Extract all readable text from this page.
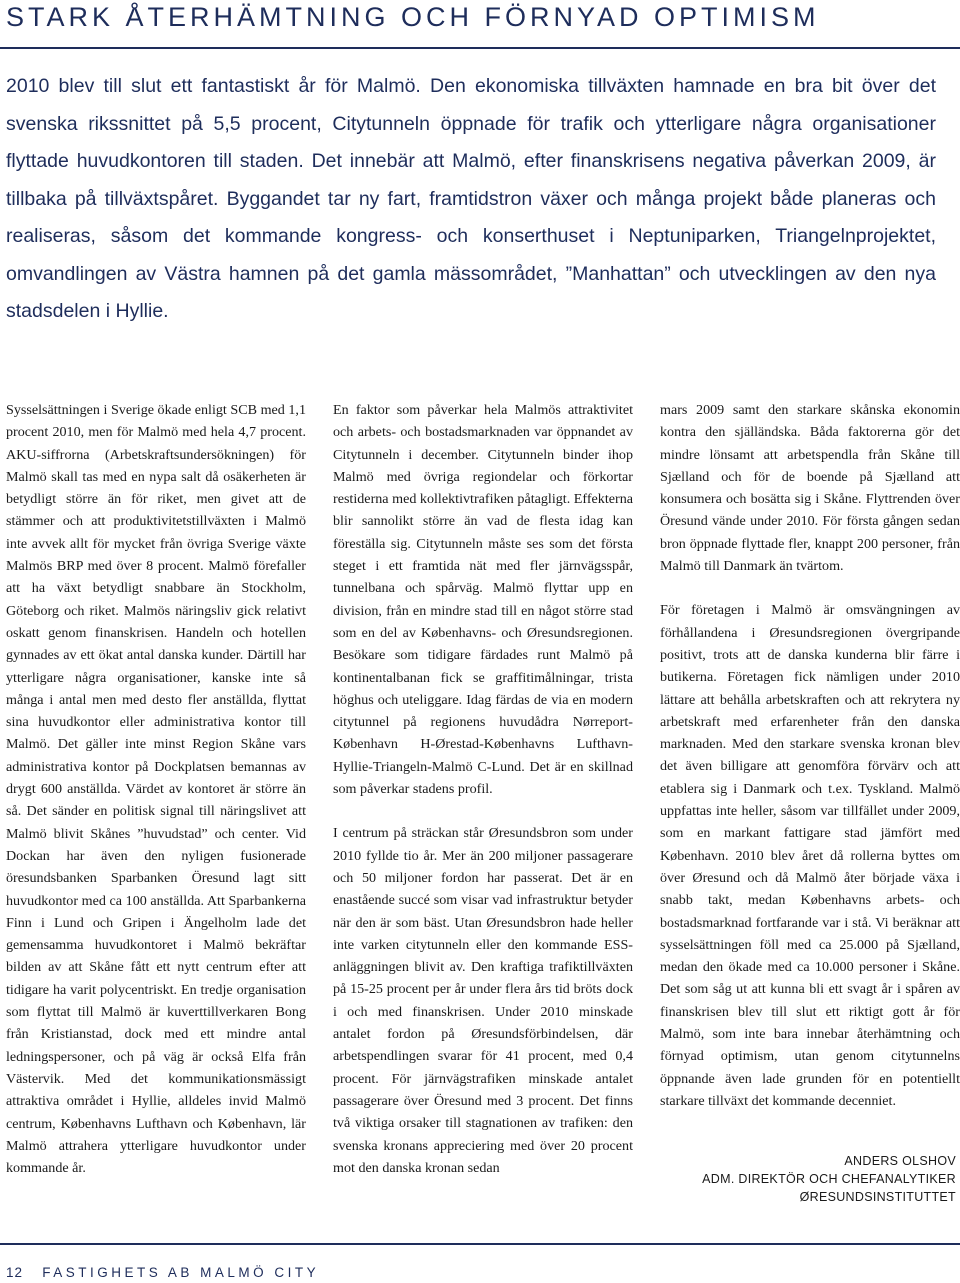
STARK ÅTERHÄMTNING OCH FÖRNYAD OPTIMISM

2010 blev till slut ett fantastiskt år för Malmö. Den ekonomiska tillväxten hamnade en bra bit över det svenska rikssnittet på 5,5 procent, Citytunneln öppnade för trafik och ytterligare några organisationer flyttade huvudkontoren till staden. Det innebär att Malmö, efter finanskrisens negativa påverkan 2009, är tillbaka på tillväxtspåret. Byggandet tar ny fart, framtidstron växer och många projekt både planeras och realiseras, såsom det kommande kongress- och konserthuset i Neptuniparken, Triangelnprojektet, omvandlingen av Västra hamnen på det gamla mässområdet, ”Manhattan” och utvecklingen av den nya stadsdelen i Hyllie.

Sysselsättningen i Sverige ökade enligt SCB med 1,1 procent 2010, men för Malmö med hela 4,7 procent. AKU-siffrorna (Arbetskraftsundersökningen) för Malmö skall tas med en nypa salt då osäkerheten är betydligt större än för riket, men givet att de stämmer och att produktivitetstillväxten i Malmö inte avvek allt för mycket från övriga Sverige växte Malmös BRP med över 8 procent. Malmö förefaller att ha växt betydligt snabbare än Stockholm, Göteborg och riket. Malmös näringsliv gick relativt oskatt genom finanskrisen. Handeln och hotellen gynnades av ett ökat antal danska kunder. Därtill har ytterligare några organisationer, kanske inte så många i antal men med desto fler anställda, flyttat sina huvudkontor eller administrativa kontor till Malmö. Det gäller inte minst Region Skåne vars administrativa kontor på Dockplatsen bemannas av drygt 600 anställda. Värdet av kontoret är större än så. Det sänder en politisk signal till näringslivet att Malmö blivit Skånes ”huvudstad” och center. Vid Dockan har även den nyligen fusionerade öresundsbanken Sparbanken Öresund lagt sitt huvudkontor med ca 100 anställda. Att Sparbankerna Finn i Lund och Gripen i Ängelholm lade det gemensamma huvudkontoret i Malmö bekräftar bilden av att Skåne fått ett nytt centrum efter att tidigare ha varit polycentriskt. En tredje organisation som flyttat till Malmö är kuverttillverkaren Bong från Kristianstad, dock med ett mindre antal ledningspersoner, och på väg är också Elfa från Västervik. Med det kommunikationsmässigt attraktiva området i Hyllie, alldeles invid Malmö centrum, Københavns Lufthavn och København, lär Malmö attrahera ytterligare huvudkontor under kommande år.

En faktor som påverkar hela Malmös attraktivitet och arbets- och bostadsmarknaden var öppnandet av Citytunneln i december. Citytunneln binder ihop Malmö med övriga regiondelar och förkortar restiderna med kollektivtrafiken påtagligt. Effekterna blir sannolikt större än vad de flesta idag kan föreställa sig. Citytunneln måste ses som det första steget i ett framtida nät med fler järnvägsspår, tunnelbana och spårväg. Malmö flyttar upp en division, från en mindre stad till en något större stad som en del av Københavns- och Øresundsregionen. Besökare som tidigare färdades runt Malmö på kontinentalbanan fick se graffitimålningar, trista höghus och uteliggare. Idag färdas de via en modern citytunnel på regionens huvudådra Nørreport-København H-Ørestad-Københavns Lufthavn-Hyllie-Triangeln-Malmö C-Lund. Det är en skillnad som påverkar stadens profil.

I centrum på sträckan står Øresundsbron som under 2010 fyllde tio år. Mer än 200 miljoner passagerare och 50 miljoner fordon har passerat. Det är en enastående succé som visar vad infrastruktur betyder när den är som bäst. Utan Øresundsbron hade heller inte varken citytunneln eller den kommande ESS-anläggningen blivit av. Den kraftiga trafiktillväxten på 15-25 procent per år under flera års tid bröts dock i och med finanskrisen. Under 2010 minskade antalet fordon på Øresundsförbindelsen, där arbetspendlingen svarar för 41 procent, med 0,4 procent. För järnvägstrafiken minskade antalet passagerare över Öresund med 3 procent. Det finns två viktiga orsaker till stagnationen av trafiken: den svenska kronans appreciering med över 20 procent mot den danska kronan sedan

mars 2009 samt den starkare skånska ekonomin kontra den själländska. Båda faktorerna gör det mindre lönsamt att arbetspendla från Skåne till Sjælland och för de boende på Sjælland att konsumera och bosätta sig i Skåne. Flyttrenden över Öresund vände under 2010. För första gången sedan bron öppnade flyttade fler, knappt 200 personer, från Malmö till Danmark än tvärtom.

För företagen i Malmö är omsvängningen av förhållandena i Øresundsregionen övergripande positivt, trots att de danska kunderna blir färre i butikerna. Företagen fick nämligen under 2010 lättare att behålla arbetskraften och att rekrytera ny arbetskraft med erfarenheter från den danska marknaden. Med den starkare svenska kronan blev det även billigare att genomföra förvärv och att etablera sig i Danmark och t.ex. Tyskland. Malmö uppfattas inte heller, såsom var tillfället under 2009, som en markant fattigare stad jämfört med København. 2010 blev året då rollerna byttes om över Øresund och då Malmö åter började växa i snabb takt, medan Københavns arbets- och bostadsmarknad fortfarande var i stå. Vi beräknar att sysselsättningen föll med ca 25.000 på Sjælland, medan den ökade med ca 10.000 personer i Skåne. Det som såg ut att kunna bli ett svagt år i spåren av finanskrisen blev till slut ett riktigt gott år för Malmö, som inte bara innebar återhämtning och förnyad optimism, utan genom citytunnelns öppnande även lade grunden för en potentiellt starkare tillväxt det kommande decenniet.

ANDERS OLSHOV
ADM. DIREKTÖR OCH CHEFANALYTIKER
ØRESUNDSINSTITUTTET
12 FASTIGHETS AB MALMÖ CITY
